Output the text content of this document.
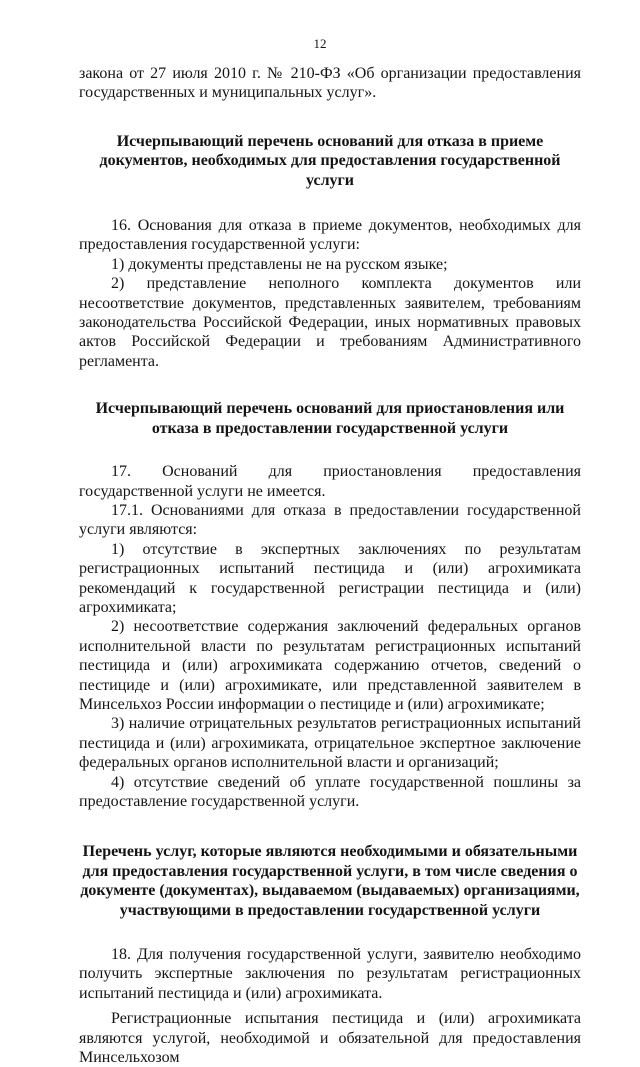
12

закона от 27 июля 2010 г. № 210-ФЗ «Об организации предоставления

государственных и муниципальных услуг».

Исчерпывающий перечень оснований для отказа в приеме
документов, необходимых для предоставления государственной услуги

16. Основания для отказа в приеме документов, необходимых для предоставления государственной услуги:

1) документы представлены не на русском языке;

2) представление неполного комплекта документов или несоответствие документов, представленных заявителем, требованиям законодательства Российской Федерации, иных нормативных правовых актов Российской Федерации и требованиям Административного регламента.

Исчерпывающий перечень оснований для приостановления или
отказа в предоставлении государственной услуги

17. Оснований для приостановления предоставления государственной услуги не имеется.

17.1. Основаниями для отказа в предоставлении государственной услуги являются:

1) отсутствие в экспертных заключениях по результатам

регистрационных испытаний пестицида и (или) агрохимиката рекомендаций к государственной регистрации пестицида и (или) агрохимиката;

2) несоответствие содержания заключений федеральных органов исполнительной власти по результатам регистрационных испытаний пестицида и (или) агрохимиката содержанию отчетов, сведений о пестициде и (или) агрохимикате, или представленной заявителем в Минсельхоз России информации о пестициде и (или) агрохимикате;

3) наличие отрицательных результатов регистрационных испытаний пестицида и (или) агрохимиката, отрицательное экспертное заключение федеральных органов исполнительной власти и организаций;

4) отсутствие сведений об уплате государственной пошлины за предоставление государственной услуги.

Перечень услуг, которые являются необходимыми и обязательными
для предоставления государственной услуги, в том числе сведения о
документе (документах), выдаваемом (выдаваемых) организациями,
участвующими в предоставлении государственной услуги

18. Для получения государственной услуги, заявителю необходимо получить экспертные заключения по результатам регистрационных испытаний пестицида и (или) агрохимиката.

Регистрационные испытания пестицида и (или) агрохимиката являются услугой, необходимой и обязательной для предоставления Минсельхозом
